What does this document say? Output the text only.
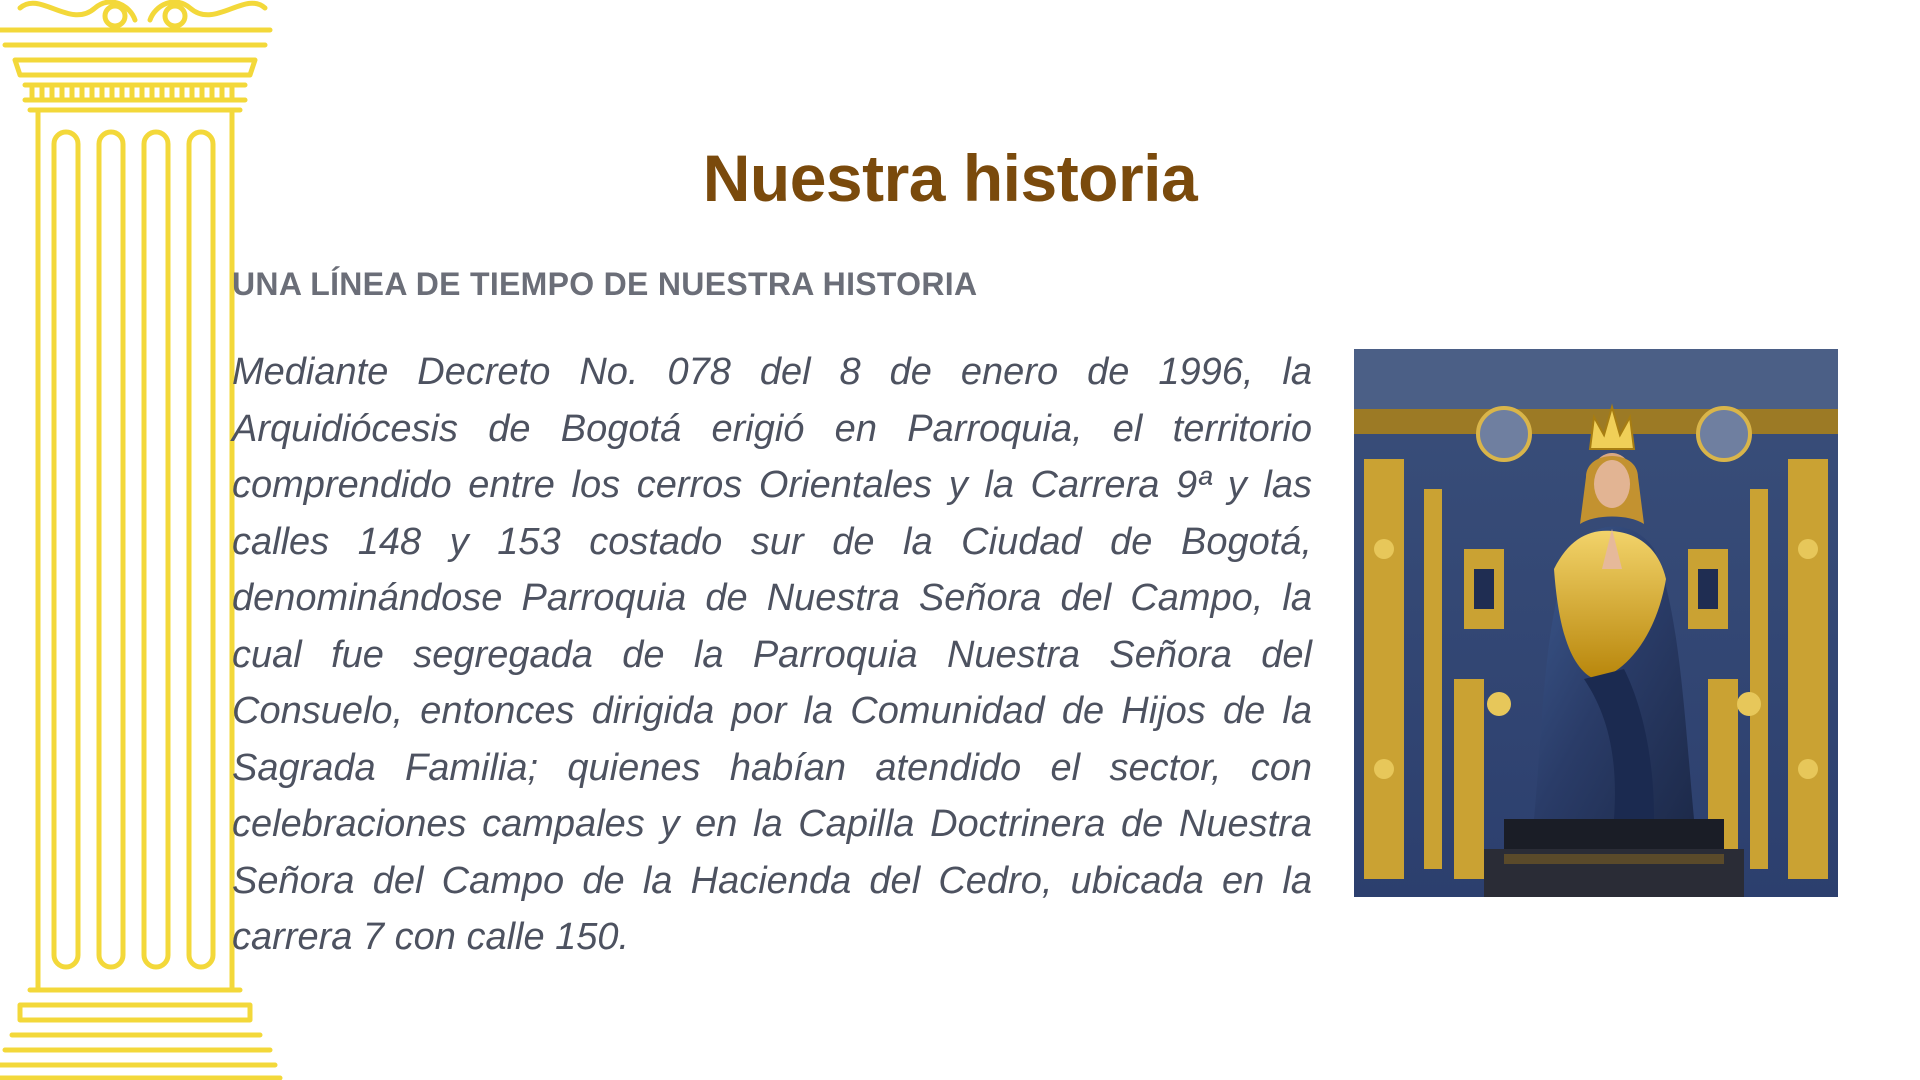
Nuestra historia
UNA LÍNEA DE TIEMPO DE NUESTRA HISTORIA

Mediante Decreto No. 078 del 8 de enero de 1996, la Arquidiócesis de Bogotá erigió en Parroquia, el territorio comprendido entre los cerros Orientales y la Carrera 9ª y las calles 148 y 153 costado sur de la Ciudad de Bogotá, denominándose Parroquia de Nuestra Señora del Campo, la cual fue segregada de la Parroquia Nuestra Señora del Consuelo, entonces dirigida por la Comunidad de Hijos de la Sagrada Familia; quienes habían atendido el sector, con celebraciones campales y en la Capilla Doctrinera de Nuestra Señora del Campo de la Hacienda del Cedro, ubicada en la carrera 7 con calle 150.
